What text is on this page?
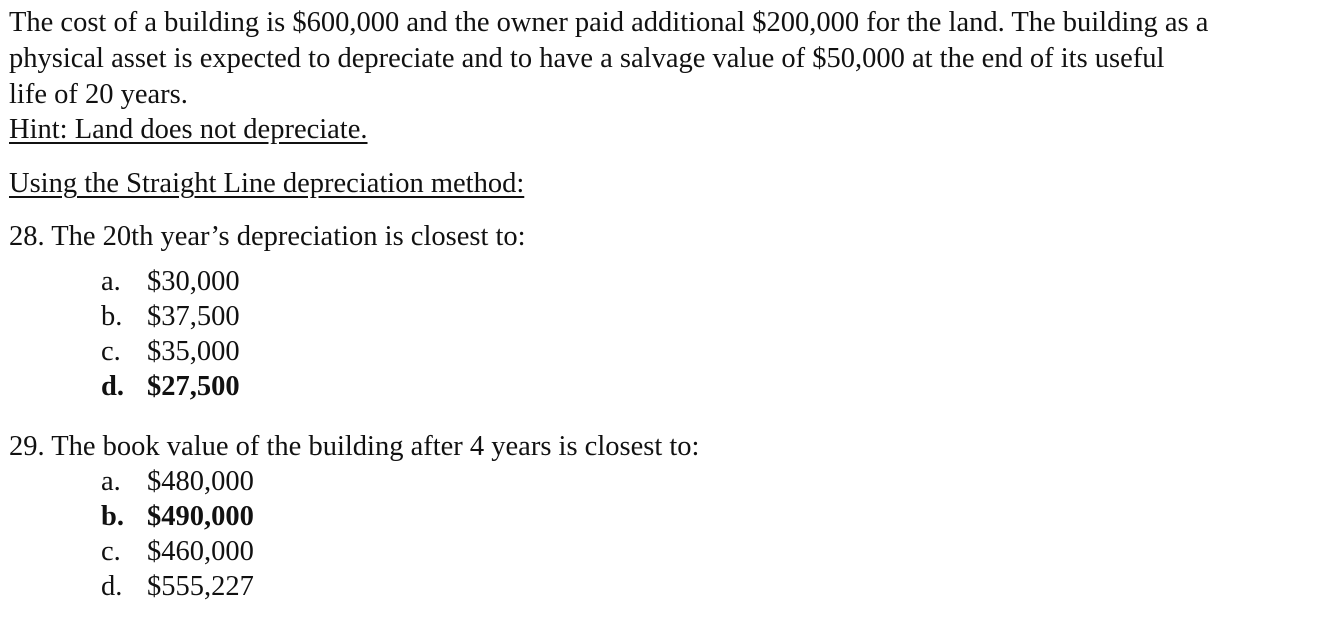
The cost of a building is $600,000 and the owner paid additional $200,000 for the land. The building as a
physical asset is expected to depreciate and to have a salvage value of $50,000 at the end of its useful
life of 20 years.
Hint: Land does not depreciate.
Using the Straight Line depreciation method:
28. The 20th year’s depreciation is closest to:
a. $30,000
b. $37,500
c. $35,000
d. $27,500
29. The book value of the building after 4 years is closest to:
a. $480,000
b. $490,000
c. $460,000
d. $555,227
